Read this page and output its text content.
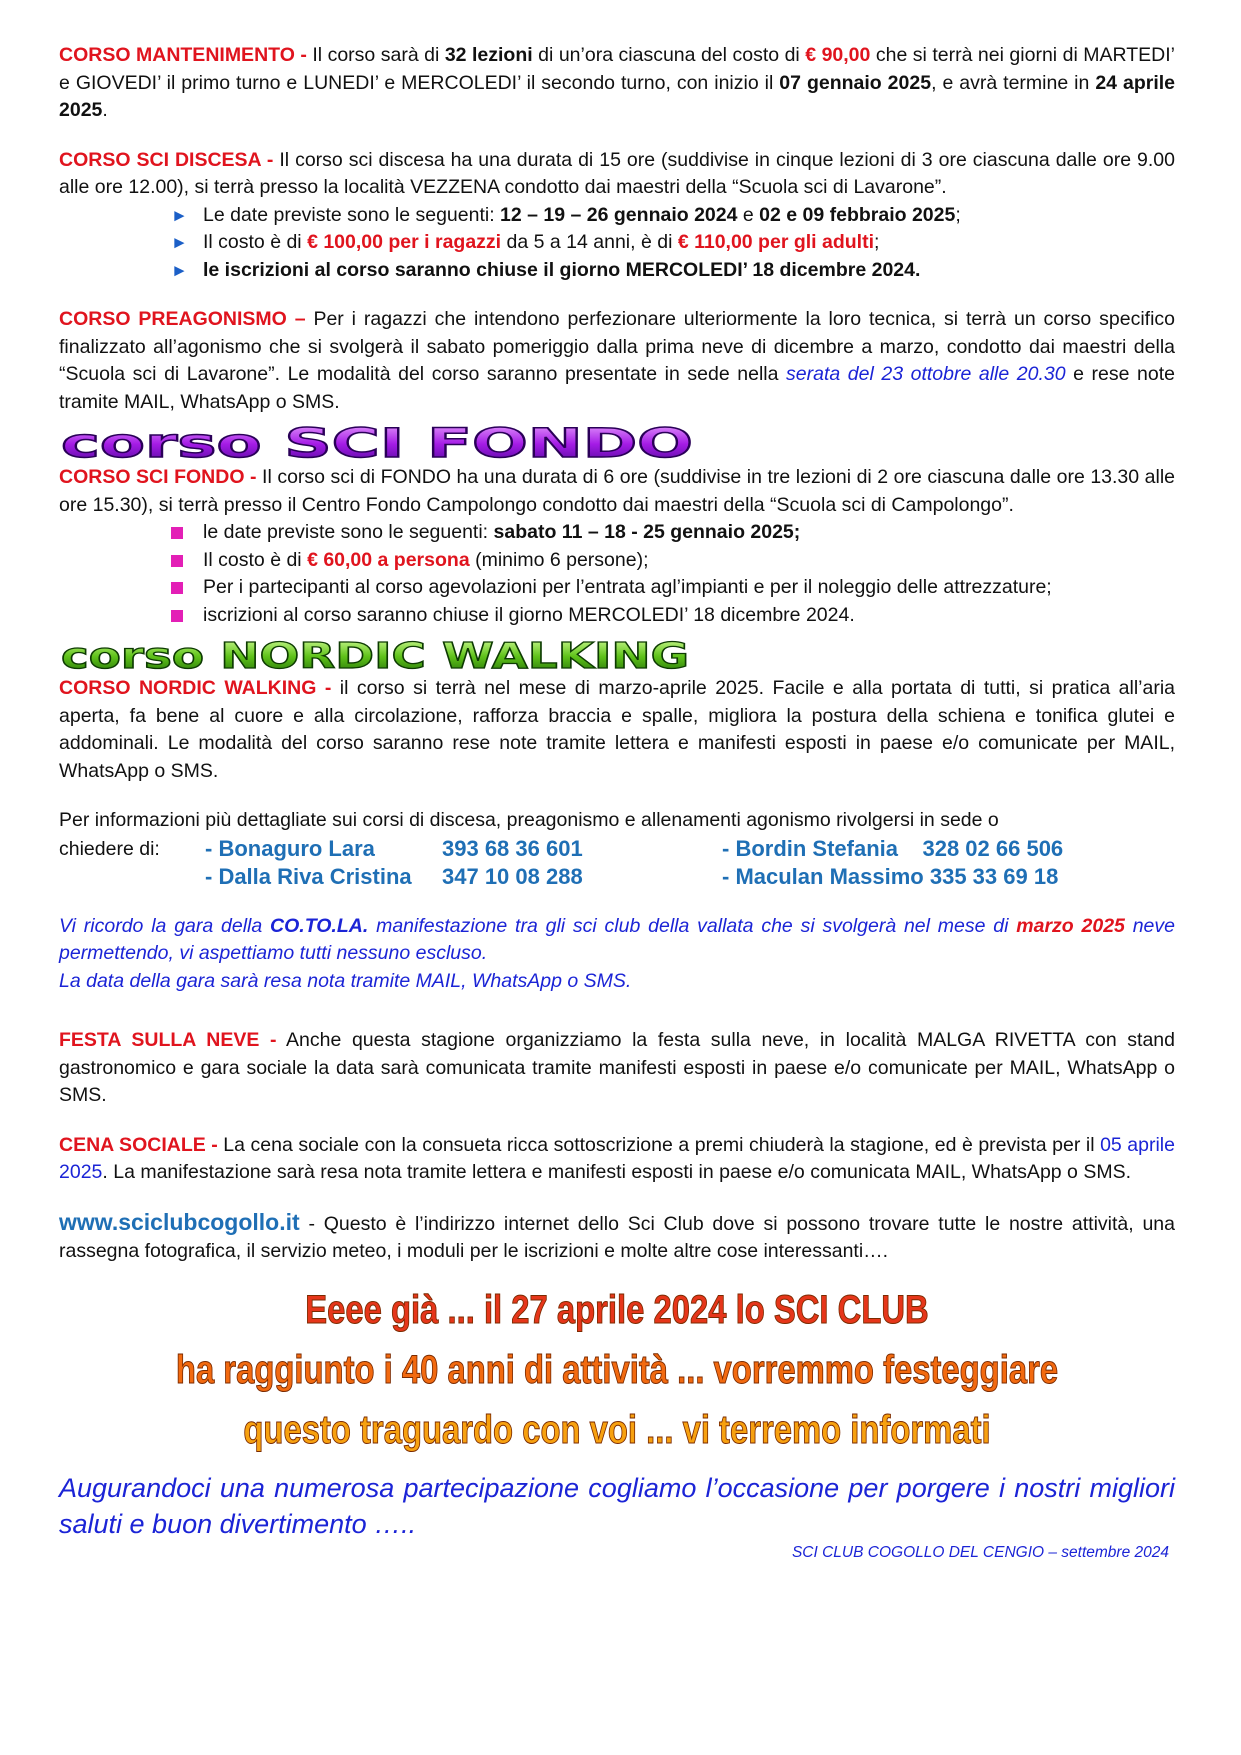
CORSO MANTENIMENTO - Il corso sarà di 32 lezioni di un’ora ciascuna del costo di € 90,00 che si terrà nei giorni di MARTEDI’ e GIOVEDI’ il primo turno e LUNEDI’ e MERCOLEDI’ il secondo turno, con inizio il 07 gennaio 2025, e avrà termine in 24 aprile 2025.

CORSO SCI DISCESA - Il corso sci discesa ha una durata di 15 ore (suddivise in cinque lezioni di 3 ore ciascuna dalle ore 9.00 alle ore 12.00), si terrà presso la località VEZZENA condotto dai maestri della “Scuola sci di Lavarone”.

► Le date previste sono le seguenti: 12 – 19 – 26 gennaio 2024 e 02 e 09 febbraio 2025;
► Il costo è di € 100,00 per i ragazzi da 5 a 14 anni, è di € 110,00 per gli adulti;
► le iscrizioni al corso saranno chiuse il giorno MERCOLEDI’ 18 dicembre 2024.

CORSO PREAGONISMO – Per i ragazzi che intendono perfezionare ulteriormente la loro tecnica, si terrà un corso specifico finalizzato all’agonismo che si svolgerà il sabato pomeriggio dalla prima neve di dicembre a marzo, condotto dai maestri della “Scuola sci di Lavarone”. Le modalità del corso saranno presentate in sede nella serata del 23 ottobre alle 20.30 e rese note tramite MAIL, WhatsApp o SMS.

corso SCI FONDO

CORSO SCI FONDO - Il corso sci di FONDO ha una durata di 6 ore (suddivise in tre lezioni di 2 ore ciascuna dalle ore 13.30 alle ore 15.30), si terrà presso il Centro Fondo Campolongo condotto dai maestri della “Scuola sci di Campolongo”.

le date previste sono le seguenti: sabato 11 – 18 - 25 gennaio 2025;
Il costo è di € 60,00 a persona (minimo 6 persone);
Per i partecipanti al corso agevolazioni per l’entrata agl’impianti e per il noleggio delle attrezzature;
iscrizioni al corso saranno chiuse il giorno MERCOLEDI’ 18 dicembre 2024.
corso NORDIC WALKING

CORSO NORDIC WALKING - il corso si terrà nel mese di marzo-aprile 2025. Facile e alla portata di tutti, si pratica all’aria aperta, fa bene al cuore e alla circolazione, rafforza braccia e spalle, migliora la postura della schiena e tonifica glutei e addominali. Le modalità del corso saranno rese note tramite lettera e manifesti esposti in paese e/o comunicate per MAIL, WhatsApp o SMS.

Per informazioni più dettagliate sui corsi di discesa, preagonismo e allenamenti agonismo rivolgersi in sede o

chiedere di:	- Bonaguro Lara	393 68 36 601	- Bordin Stefania 328 02 66 506
- Dalla Riva Cristina	347 10 08 288	- Maculan Massimo 335 33 69 18

Vi ricordo la gara della CO.TO.LA. manifestazione tra gli sci club della vallata che si svolgerà nel mese di marzo 2025 neve permettendo, vi aspettiamo tutti nessuno escluso.
La data della gara sarà resa nota tramite MAIL, WhatsApp o SMS.

FESTA SULLA NEVE - Anche questa stagione organizziamo la festa sulla neve, in località MALGA RIVETTA con stand gastronomico e gara sociale la data sarà comunicata tramite manifesti esposti in paese e/o comunicate per MAIL, WhatsApp o SMS.

CENA SOCIALE - La cena sociale con la consueta ricca sottoscrizione a premi chiuderà la stagione, ed è prevista per il 05 aprile 2025. La manifestazione sarà resa nota tramite lettera e manifesti esposti in paese e/o comunicata MAIL, WhatsApp o SMS.

www.sciclubcogollo.it - Questo è l’indirizzo internet dello Sci Club dove si possono trovare tutte le nostre attività, una rassegna fotografica, il servizio meteo, i moduli per le iscrizioni e molte altre cose interessanti….

Eeee già ... il 27 aprile 2024 lo SCI CLUB
ha raggiunto i 40 anni di attività ... vorremmo festeggiare
questo traguardo con voi ... vi terremo informati

Augurandoci una numerosa partecipazione cogliamo l’occasione per porgere i nostri migliori saluti e buon divertimento …..

SCI CLUB COGOLLO DEL CENGIO – settembre 2024
